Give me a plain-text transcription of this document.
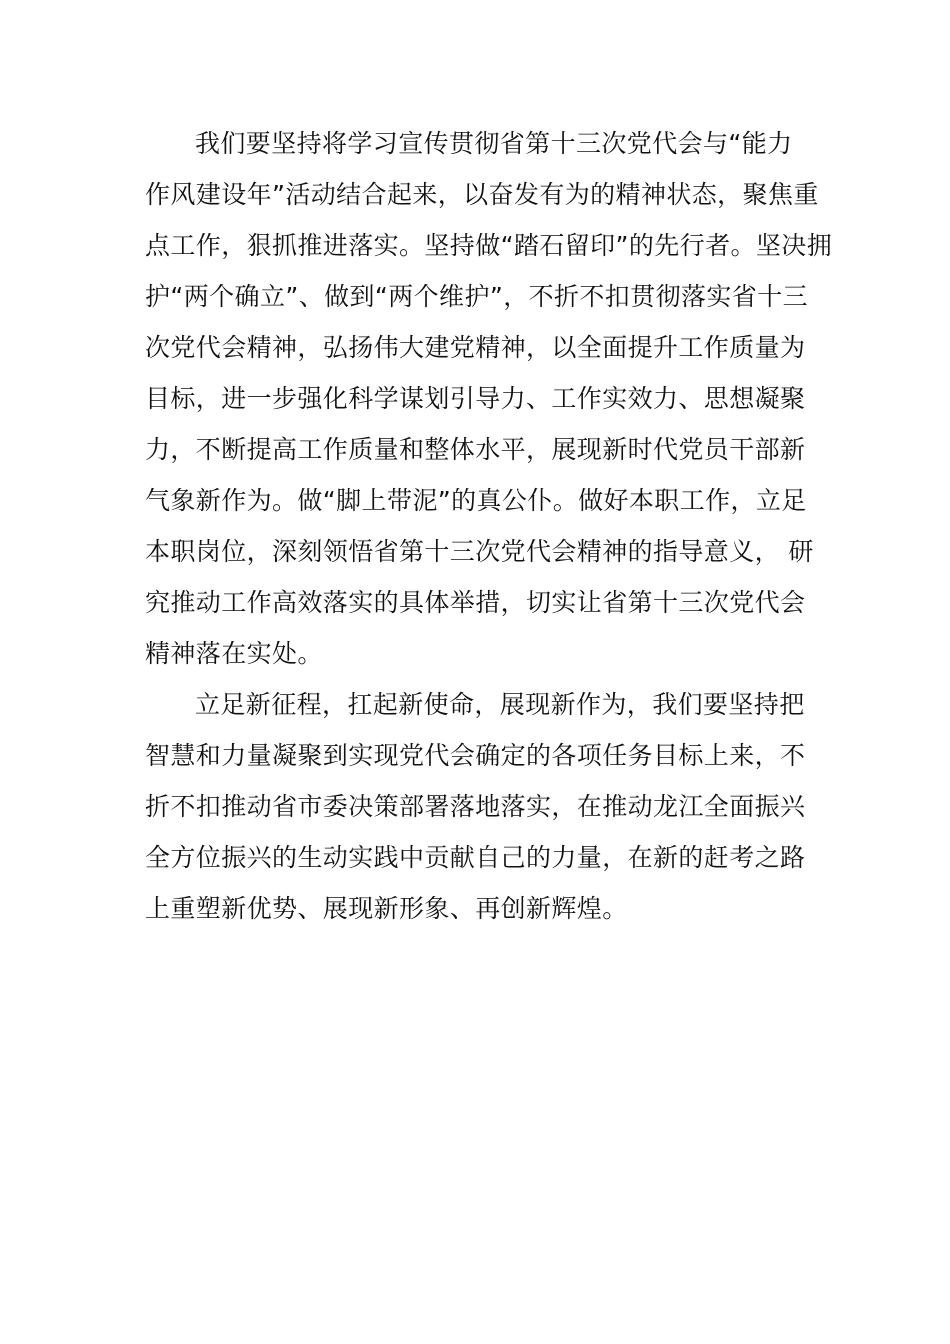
我们要坚持将学习宣传贯彻省第十三次党代会与“能力
作风建设年”活动结合起来，以奋发有为的精神状态，聚焦重
点工作，狠抓推进落实。坚持做“踏石留印”的先行者。坚决拥
护“两个确立”、做到“两个维护”，不折不扣贯彻落实省十三
次党代会精神，弘扬伟大建党精神，以全面提升工作质量为
目标，进一步强化科学谋划引导力、工作实效力、思想凝聚
力，不断提高工作质量和整体水平，展现新时代党员干部新
气象新作为。做“脚上带泥”的真公仆。做好本职工作，立足
本职岗位，深刻领悟省第十三次党代会精神的指导意义， 研
究推动工作高效落实的具体举措，切实让省第十三次党代会
精神落在实处。

立足新征程，扛起新使命，展现新作为，我们要坚持把
智慧和力量凝聚到实现党代会确定的各项任务目标上来，不
折不扣推动省市委决策部署落地落实，在推动龙江全面振兴
全方位振兴的生动实践中贡献自己的力量，在新的赶考之路
上重塑新优势、展现新形象、再创新辉煌。
